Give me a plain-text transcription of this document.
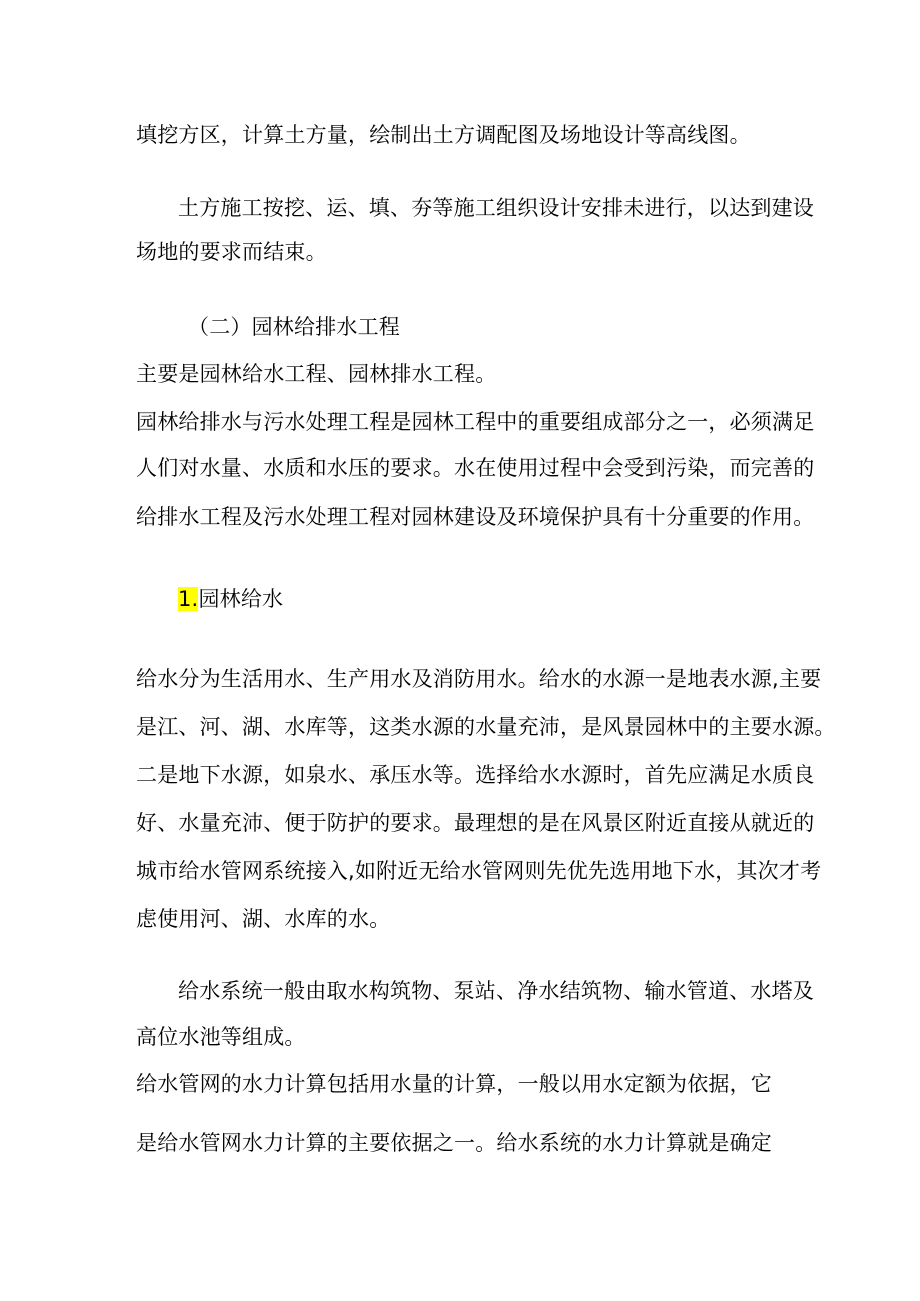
填挖方区，计算土方量，绘制出土方调配图及场地设计等高线图。
土方施工按挖、运、填、夯等施工组织设计安排未进行，以达到建设
场地的要求而结束。
（二）园林给排水工程
主要是园林给水工程、园林排水工程。
园林给排水与污水处理工程是园林工程中的重要组成部分之一，必须满足
人们对水量、水质和水压的要求。水在使用过程中会受到污染，而完善的
给排水工程及污水处理工程对园林建设及环境保护具有十分重要的作用。
1.园林给水
给水分为生活用水、生产用水及消防用水。给水的水源一是地表水源,主要
是江、河、湖、水库等，这类水源的水量充沛，是风景园林中的主要水源。
二是地下水源，如泉水、承压水等。选择给水水源时，首先应满足水质良
好、水量充沛、便于防护的要求。最理想的是在风景区附近直接从就近的
城市给水管网系统接入,如附近无给水管网则先优先选用地下水，其次才考
虑使用河、湖、水库的水。
给水系统一般由取水构筑物、泵站、净水结筑物、输水管道、水塔及
高位水池等组成。
给水管网的水力计算包括用水量的计算，一般以用水定额为依据，它
是给水管网水力计算的主要依据之一。给水系统的水力计算就是确定
